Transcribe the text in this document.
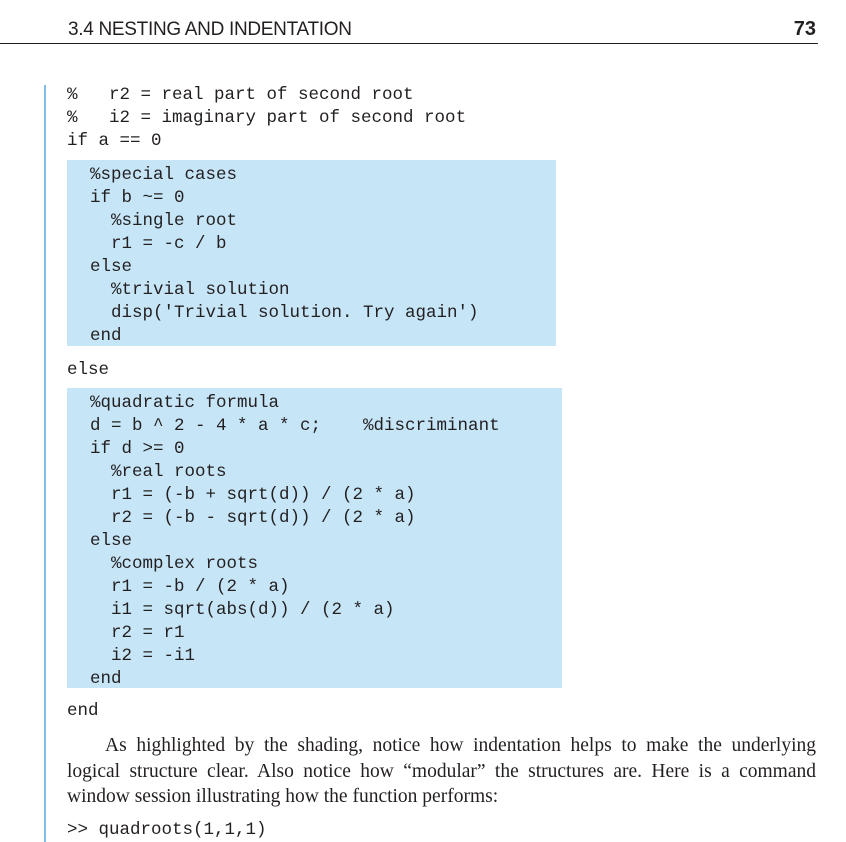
3.4 NESTING AND INDENTATION	73
%   r2 = real part of second root
%   i2 = imaginary part of second root
if a == 0
%special cases
if b ~= 0
%single root
r1 = -c / b
else
%trivial solution
disp('Trivial solution. Try again')
end
else
%quadratic formula
d = b ^ 2 - 4 * a * c;    %discriminant
if d >= 0
%real roots
r1 = (-b + sqrt(d)) / (2 * a)
r2 = (-b - sqrt(d)) / (2 * a)
else
%complex roots
r1 = -b / (2 * a)
i1 = sqrt(abs(d)) / (2 * a)
r2 = r1
i2 = -i1
end
end

As highlighted by the shading, notice how indentation helps to make the underlying logical structure clear. Also notice how “modular” the structures are. Here is a command window session illustrating how the function performs:

>> quadroots(1,1,1)
